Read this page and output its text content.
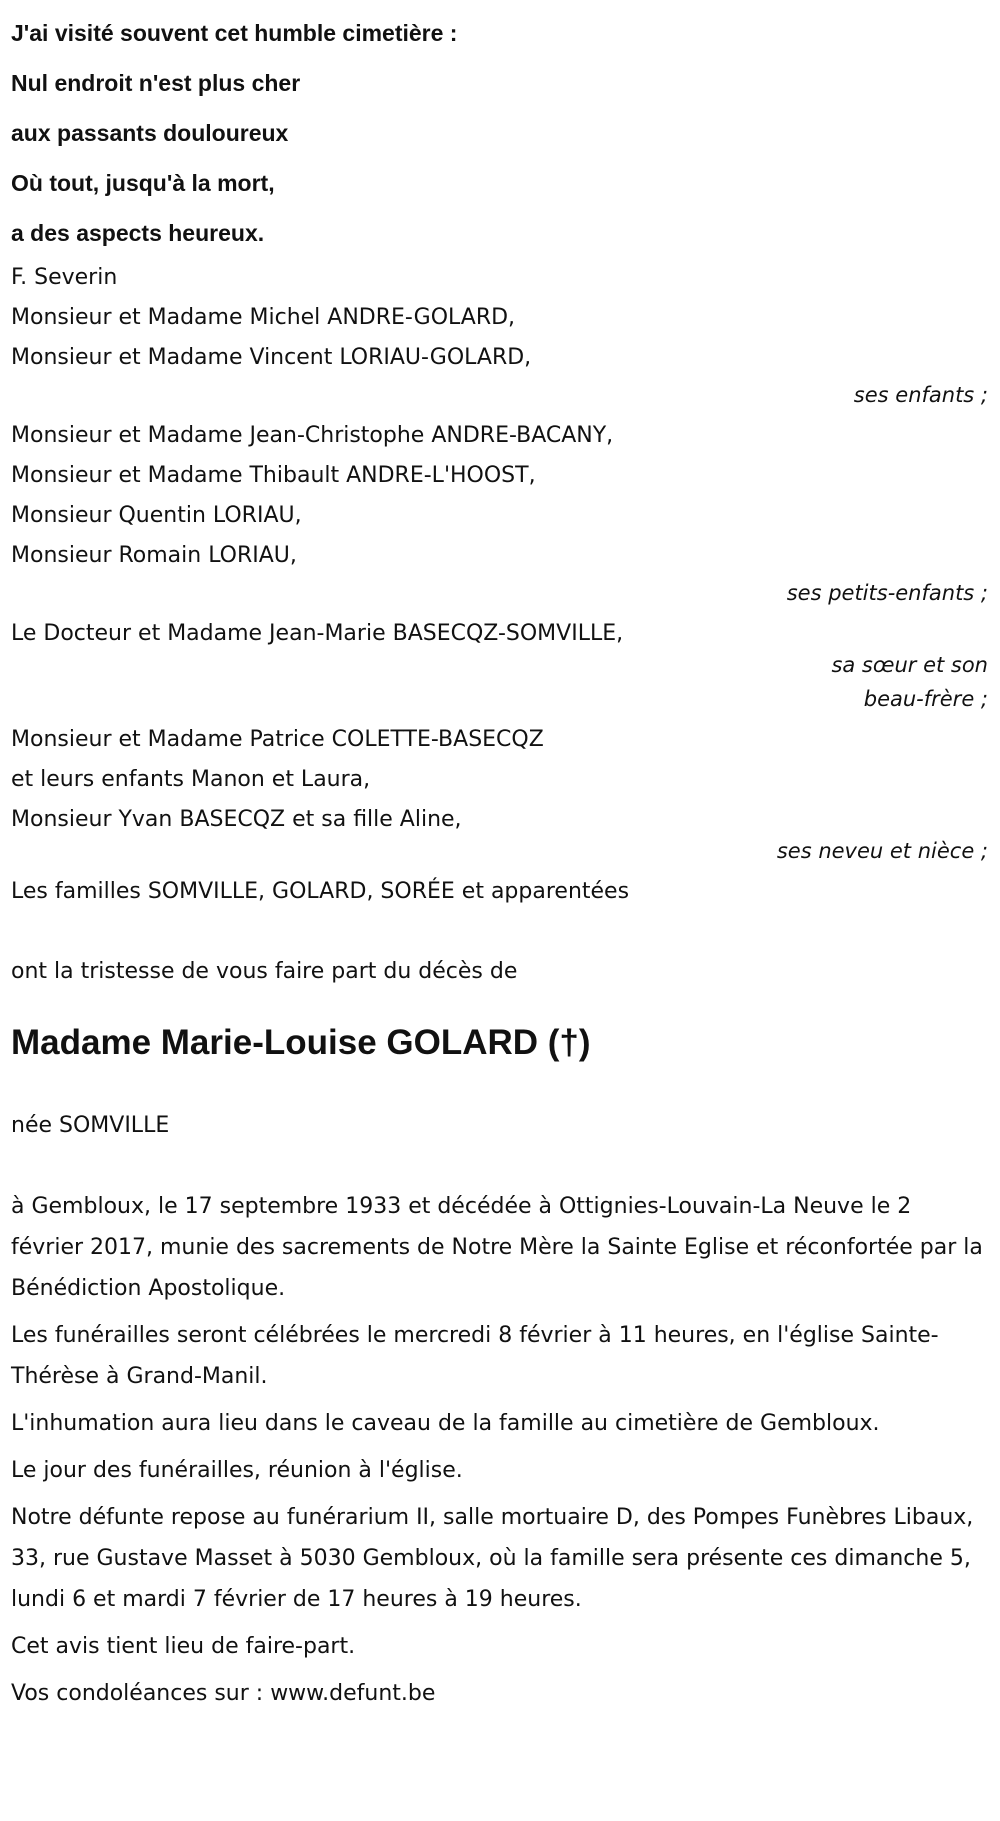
J'ai visité souvent cet humble cimetière :

Nul endroit n'est plus cher

aux passants douloureux

Où tout, jusqu'à la mort,

a des aspects heureux.

F. Severin

Monsieur et Madame Michel ANDRE-GOLARD,

Monsieur et Madame Vincent LORIAU-GOLARD,

ses enfants ;

Monsieur et Madame Jean-Christophe ANDRE-BACANY,

Monsieur et Madame Thibault ANDRE-L'HOOST,

Monsieur Quentin LORIAU,

Monsieur Romain LORIAU,

ses petits-enfants ;

Le Docteur et Madame Jean-Marie BASECQZ-SOMVILLE,

sa sœur et son

beau-frère ;

Monsieur et Madame Patrice COLETTE-BASECQZ

et leurs enfants Manon et Laura,

Monsieur Yvan BASECQZ et sa fille Aline,

ses neveu et nièce ;

Les familles SOMVILLE, GOLARD, SORÉE et apparentées

ont la tristesse de vous faire part du décès de

Madame Marie-Louise GOLARD (†)

née SOMVILLE

à Gembloux, le 17 septembre 1933 et décédée à Ottignies-Louvain-La Neuve le 2 février 2017, munie des sacrements de Notre Mère la Sainte Eglise et réconfortée par la Bénédiction Apostolique.

Les funérailles seront célébrées le mercredi 8 février à 11 heures, en l'église Sainte-Thérèse à Grand-Manil.

L'inhumation aura lieu dans le caveau de la famille au cimetière de Gembloux.

Le jour des funérailles, réunion à l'église.

Notre défunte repose au funérarium II, salle mortuaire D, des Pompes Funèbres Libaux, 33, rue Gustave Masset à 5030 Gembloux, où la famille sera présente ces dimanche 5, lundi 6 et mardi 7 février de 17 heures à 19 heures.

Cet avis tient lieu de faire-part.

Vos condoléances sur : www.defunt.be
